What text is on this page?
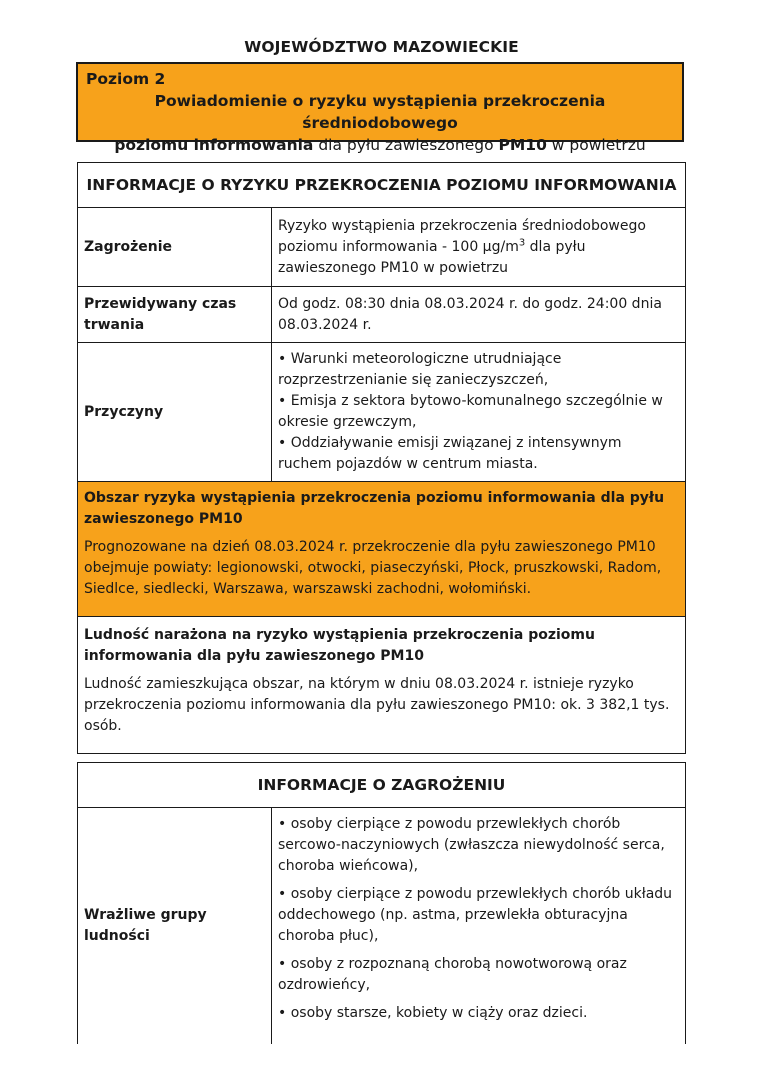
WOJEWÓDZTWO MAZOWIECKIE
Poziom 2
Powiadomienie o ryzyku wystąpienia przekroczenia średniodobowego
poziomu informowania dla pyłu zawieszonego PM10 w powietrzu
INFORMACJE O RYZYKU PRZEKROCZENIA POZIOMU INFORMOWANIA	
Zagrożenie	Ryzyko wystąpienia przekroczenia średniodobowego poziomu informowania - 100 $\mu g/m^3$ dla pyłu zawieszonego PM10 w powietrzu
Przewidywany czas trwania	Od godz. 08:30 dnia 08.03.2024 r. do godz. 24:00 dnia 08.03.2024 r.
Przyczyny	• Warunki meteorologiczne utrudniające rozprzestrzenianie się zanieczyszczeń,
• Emisja z sektora bytowo-komunalnego szczególnie w okresie grzewczym,
• Oddziaływanie emisji związanej z intensywnym ruchem pojazdów w centrum miasta.

Obszar ryzyka wystąpienia przekroczenia poziomu informowania dla pyłu zawieszonego PM10
Prognozowane na dzień 08.03.2024 r. przekroczenie dla pyłu zawieszonego PM10 obejmuje powiaty: legionowski, otwocki, piaseczyński, Płock, pruszkowski, Radom, Siedlce, siedlecki, Warszawa, warszawski zachodni, wołomiński.	

Ludność narażona na ryzyko wystąpienia przekroczenia poziomu informowania dla pyłu zawieszonego PM10
Ludność zamieszkująca obszar, na którym w dniu 08.03.2024 r. istnieje ryzyko przekroczenia poziomu informowania dla pyłu zawieszonego PM10: ok. 3 382,1 tys. osób.	
INFORMACJE O ZAGROŻENIU
Wrażliwe grupy ludności	

• osoby cierpiące z powodu przewlekłych chorób sercowo-naczyniowych (zwłaszcza niewydolność serca, choroba wieńcowa),

• osoby cierpiące z powodu przewlekłych chorób układu oddechowego (np. astma, przewlekła obturacyjna choroba płuc),

• osoby z rozpoznaną chorobą nowotworową oraz ozdrowieńcy,

• osoby starsze, kobiety w ciąży oraz dzieci.
